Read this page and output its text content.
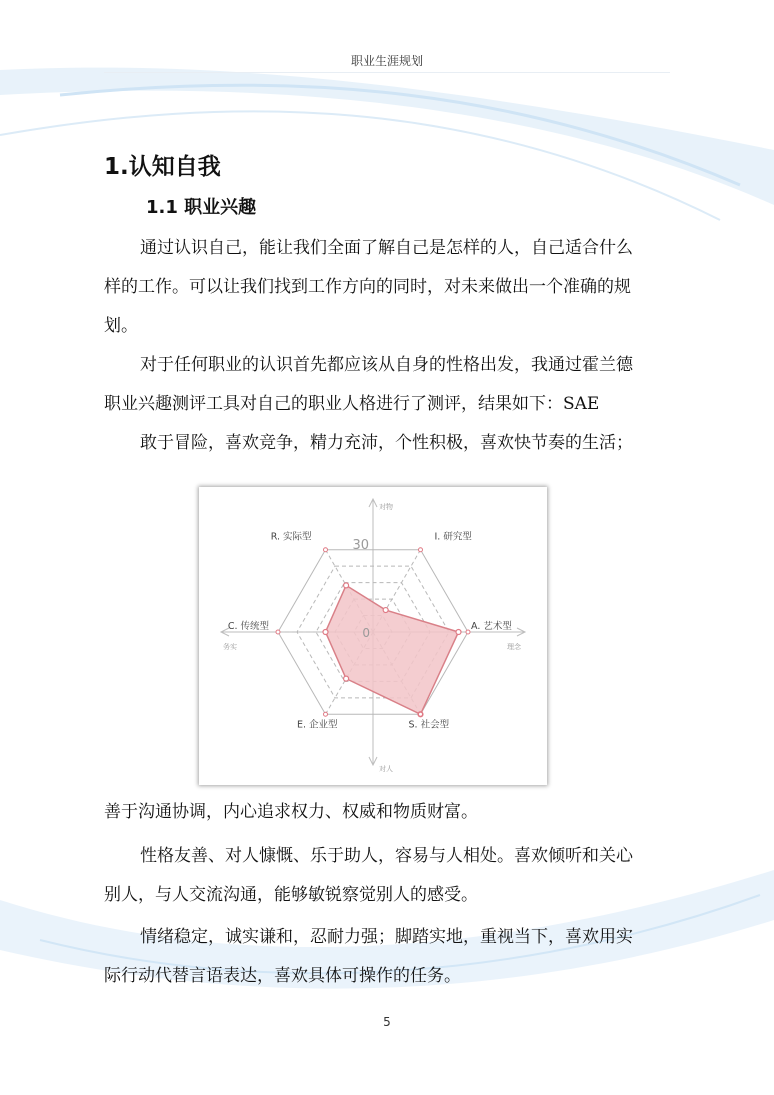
职业生涯规划
1.认知自我
1.1 职业兴趣
通过认识自己，能让我们全面了解自己是怎样的人，自己适合什么
样的工作。可以让我们找到工作方向的同时，对未来做出一个准确的规
划。
对于任何职业的认识首先都应该从自身的性格出发，我通过霍兰德
职业兴趣测评工具对自己的职业人格进行了测评，结果如下：SAE
敢于冒险，喜欢竞争，精力充沛，个性积极，喜欢快节奏的生活；
30
0
R. 实际型	I. 研究型
A. 艺术型
S. 社会型
E. 企业型
C. 传统型
对物
对人
务实	理念
善于沟通协调，内心追求权力、权威和物质财富。
性格友善、对人慷慨、乐于助人，容易与人相处。喜欢倾听和关心
别人，与人交流沟通，能够敏锐察觉别人的感受。
情绪稳定，诚实谦和，忍耐力强；脚踏实地，重视当下，喜欢用实
际行动代替言语表达，喜欢具体可操作的任务。
5
